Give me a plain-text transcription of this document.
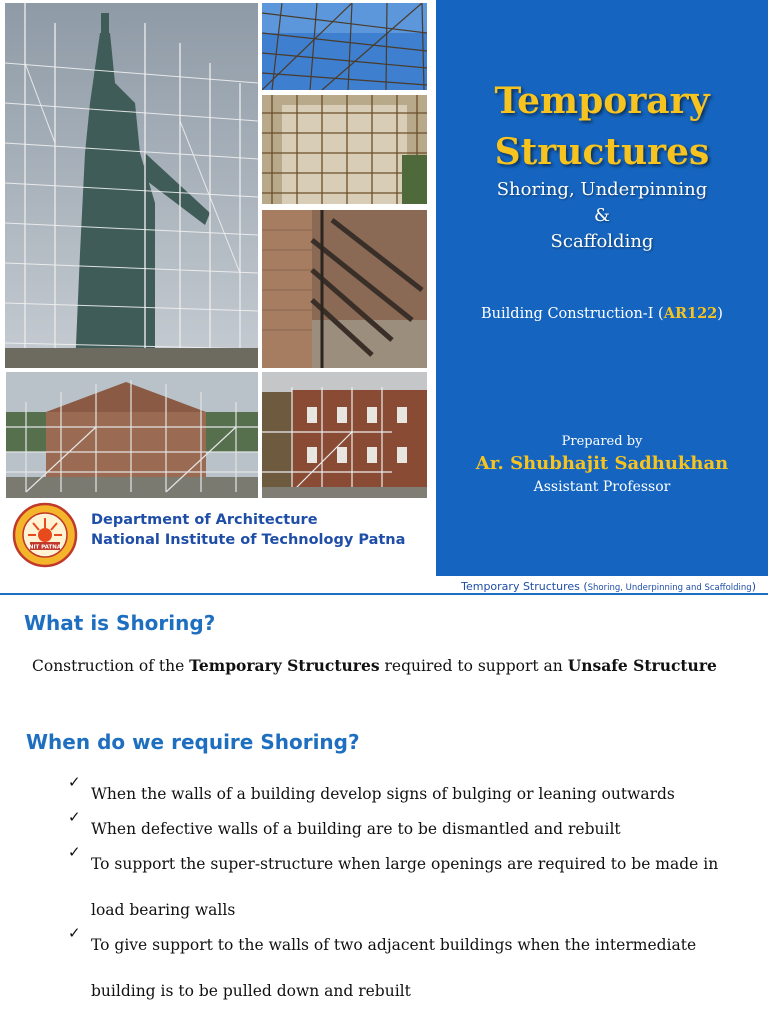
NIT PATNA
Department of Architecture
National Institute of Technology Patna
Temporary
Structures
Shoring, Underpinning
&
Scaffolding
Building Construction-I (AR122)
Prepared by
Ar. Shubhajit Sadhukhan
Assistant Professor
Temporary Structures (Shoring, Underpinning and Scaffolding)
What is Shoring?
Construction of the Temporary Structures required to support an Unsafe Structure
When do we require Shoring?
✓
When the walls of a building develop signs of bulging or leaning outwards
✓
When defective walls of a building are to be dismantled and rebuilt
✓
To support the super-structure when large openings are required to be made in load bearing walls
✓
To give support to the walls of two adjacent buildings when the intermediate building is to be pulled down and rebuilt
